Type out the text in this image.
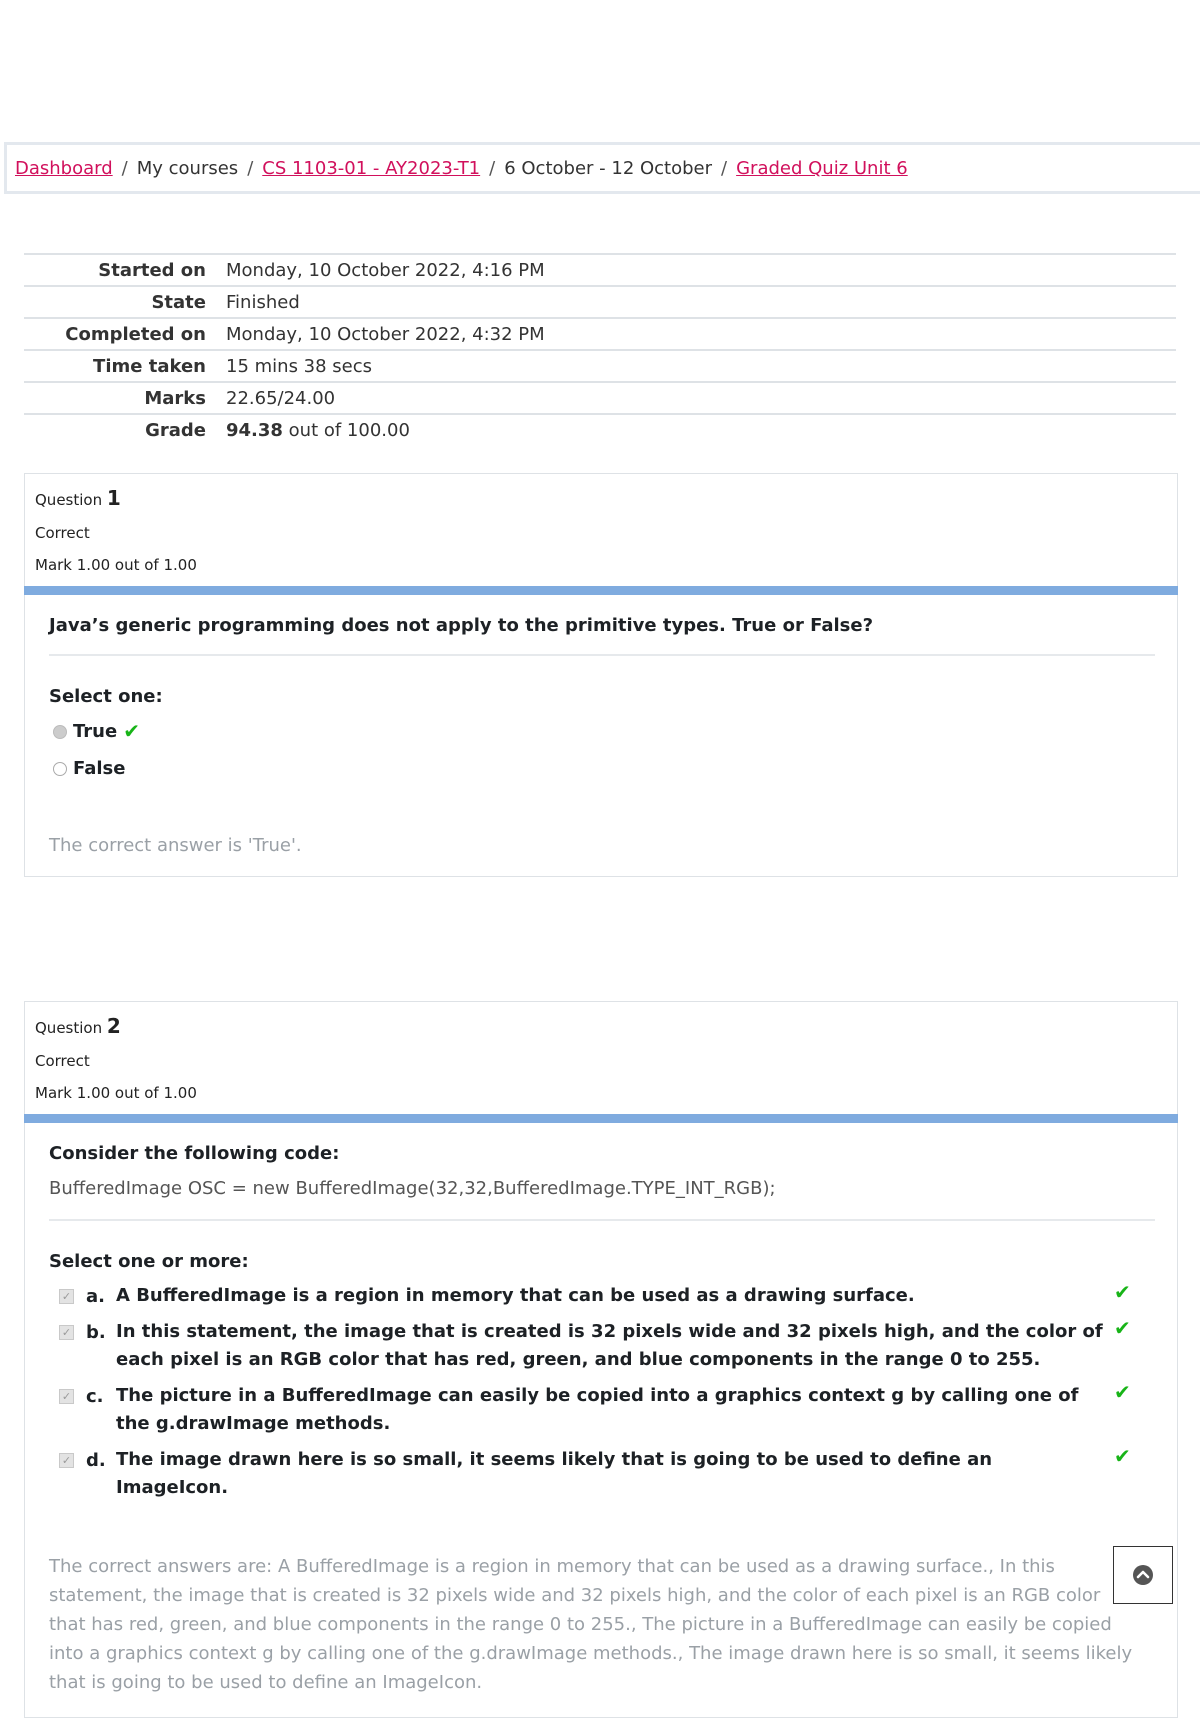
Dashboard / My courses / CS 1103-01 - AY2023-T1 / 6 October - 12 October / Graded Quiz Unit 6
Started on	Monday, 10 October 2022, 4:16 PM
State	Finished
Completed on	Monday, 10 October 2022, 4:32 PM
Time taken	15 mins 38 secs
Marks	22.65/24.00
Grade	94.38 out of 100.00
Question 1
Correct
Mark 1.00 out of 1.00
Java’s generic programming does not apply to the primitive types. True or False?
Select one:
True ✔
False
The correct answer is 'True'.
Question 2
Correct
Mark 1.00 out of 1.00
Consider the following code:
BufferedImage OSC = new BufferedImage(32,32,BufferedImage.TYPE_INT_RGB);
Select one or more:
✓ a. A BufferedImage is a region in memory that can be used as a drawing surface.	✔
✓ b. In this statement, the image that is created is 32 pixels wide and 32 pixels high, and the color of each pixel is an RGB color that has red, green, and blue components in the range 0 to 255.
✔
✓ c. The picture in a BufferedImage can easily be copied into a graphics context g by calling one of the g.drawImage methods.
✔
✓ d. The image drawn here is so small, it seems likely that is going to be used to define an ImageIcon.
✔
The correct answers are: A BufferedImage is a region in memory that can be used as a drawing surface., In this statement, the image that is created is 32 pixels wide and 32 pixels high, and the color of each pixel is an RGB color that has red, green, and blue components in the range 0 to 255., The picture in a BufferedImage can easily be copied into a graphics context g by calling one of the g.drawImage methods., The image drawn here is so small, it seems likely that is going to be used to define an ImageIcon.
